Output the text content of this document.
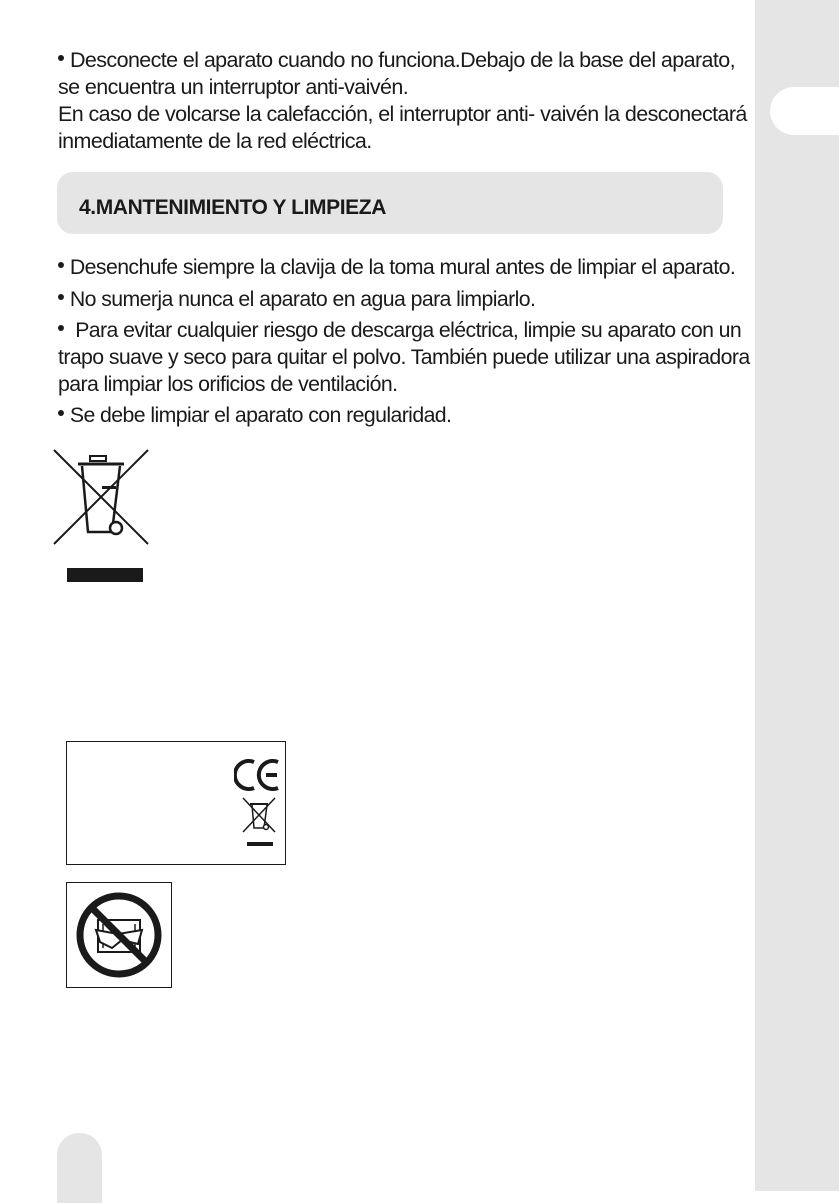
Desconecte el aparato cuando no funciona.Debajo de la base del aparato,
se encuentra un interruptor anti-vaivén.
En caso de volcarse la calefacción, el interruptor anti- vaivén la desconectará
inmediatamente de la red eléctrica.
4.MANTENIMIENTO Y LIMPIEZA
Desenchufe siempre la clavija de la toma mural antes de limpiar el aparato.
No sumerja nunca el aparato en agua para limpiarlo.
Para evitar cualquier riesgo de descarga eléctrica, limpie su aparato con un
trapo suave y seco para quitar el polvo. También puede utilizar una aspiradora
para limpiar los orificios de ventilación.
Se debe limpiar el aparato con regularidad.
